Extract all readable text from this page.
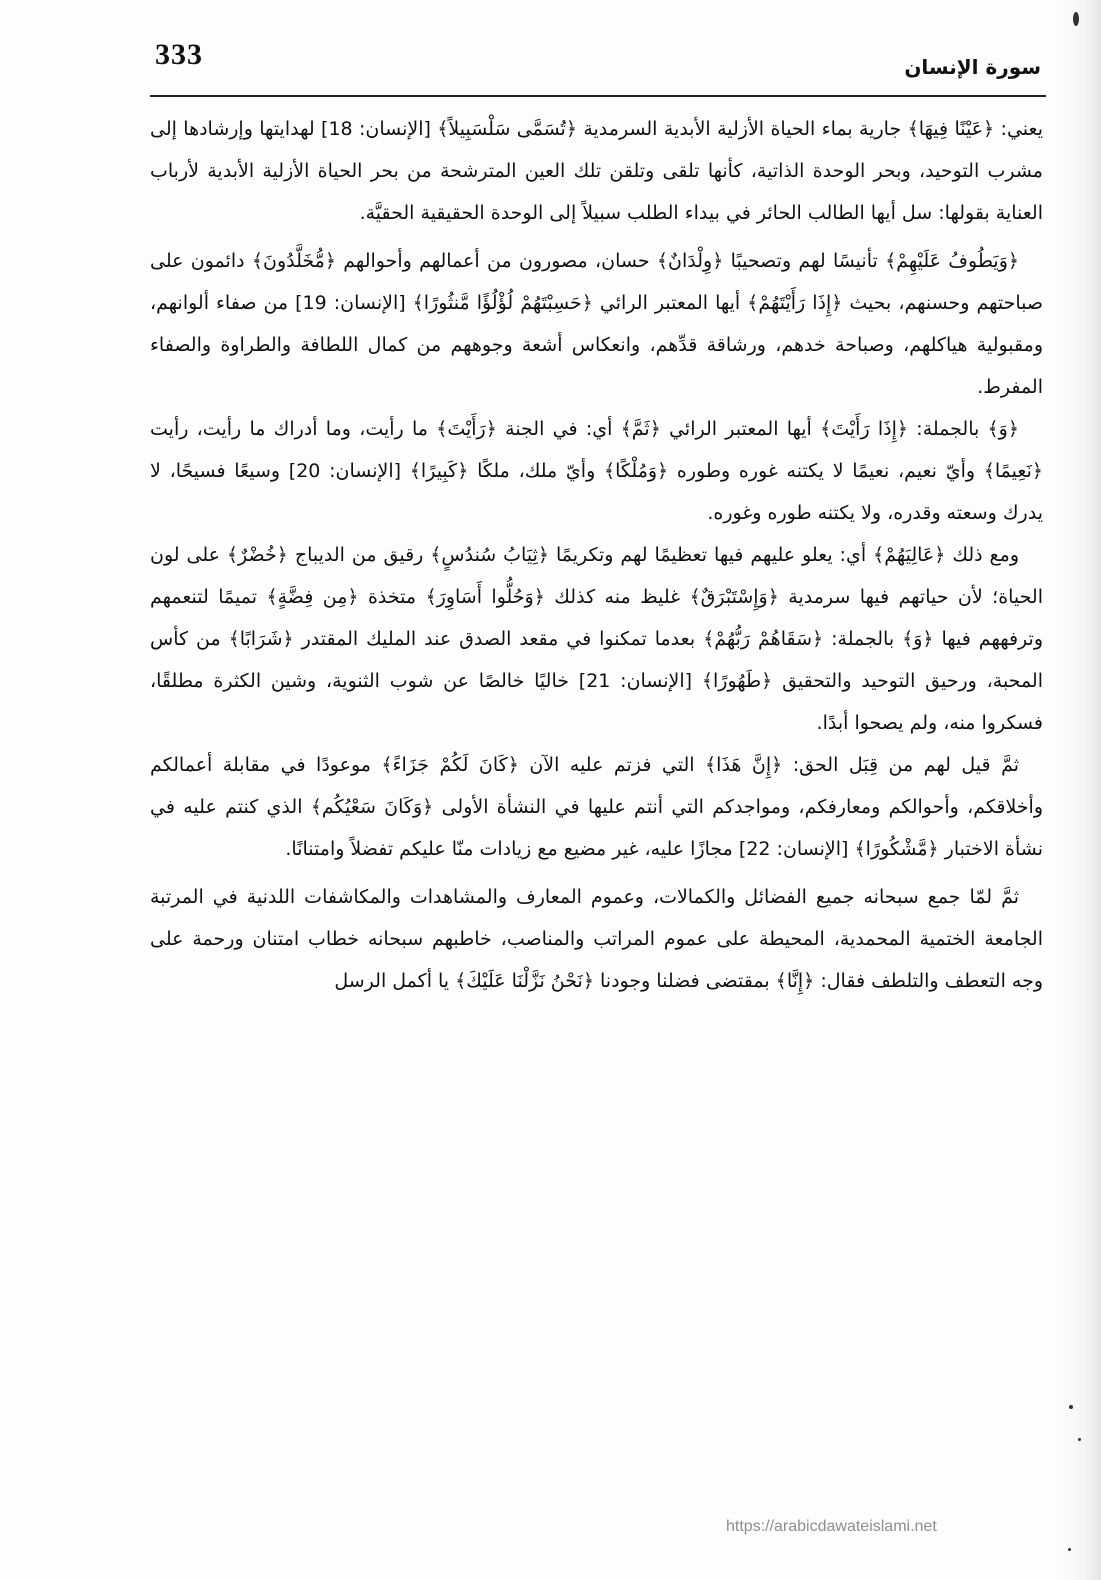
333	سورة الإنسان

يعني: ﴿عَيْنًا فِيهَا﴾ جارية بماء الحياة الأزلية الأبدية السرمدية ﴿تُسَمَّى سَلْسَبِيلاً﴾ [الإنسان: 18] لهدايتها وإرشادها إلى مشرب التوحيد، وبحر الوحدة الذاتية، كأنها تلقى وتلقن تلك العين المترشحة من بحر الحياة الأزلية الأبدية لأرباب العناية بقولها: سل أيها الطالب الحائر في بيداء الطلب سبيلاً إلى الوحدة الحقيقية الحقيَّة.

﴿وَيَطُوفُ عَلَيْهِمْ﴾ تأنيسًا لهم وتصحيبًا ﴿وِلْدَانٌ﴾ حسان، مصورون من أعمالهم وأحوالهم ﴿مُّخَلَّدُونَ﴾ دائمون على صباحتهم وحسنهم، بحيث ﴿إِذَا رَأَيْتَهُمْ﴾ أيها المعتبر الرائي ﴿حَسِبْتَهُمْ لُؤْلُؤًا مَّنثُورًا﴾ [الإنسان: 19] من صفاء ألوانهم، ومقبولية هياكلهم، وصباحة خدهم، ورشاقة قدِّهم، وانعكاس أشعة وجوههم من كمال اللطافة والطراوة والصفاء المفرط.

﴿وَ﴾ بالجملة: ﴿إِذَا رَأَيْتَ﴾ أيها المعتبر الرائي ﴿ثَمَّ﴾ أي: في الجنة ﴿رَأَيْتَ﴾ ما رأيت، وما أدراك ما رأيت، رأيت ﴿نَعِيمًا﴾ وأيّ نعيم، نعيمًا لا يكتنه غوره وطوره ﴿وَمُلْكًا﴾ وأيّ ملك، ملكًا ﴿كَبِيرًا﴾ [الإنسان: 20] وسيعًا فسيحًا، لا يدرك وسعته وقدره، ولا يكتنه طوره وغوره.

ومع ذلك ﴿عَالِيَهُمْ﴾ أي: يعلو عليهم فيها تعظيمًا لهم وتكريمًا ﴿ثِيَابُ سُندُسٍ﴾ رقيق من الديباج ﴿خُضْرٌ﴾ على لون الحياة؛ لأن حياتهم فيها سرمدية ﴿وَإِسْتَبْرَقٌ﴾ غليظ منه كذلك ﴿وَحُلُّوا أَسَاوِرَ﴾ متخذة ﴿مِن فِضَّةٍ﴾ تميمًا لتنعمهم وترفههم فيها ﴿وَ﴾ بالجملة: ﴿سَقَاهُمْ رَبُّهُمْ﴾ بعدما تمكنوا في مقعد الصدق عند المليك المقتدر ﴿شَرَابًا﴾ من كأس المحبة، ورحيق التوحيد والتحقيق ﴿طَهُورًا﴾ [الإنسان: 21] خاليًا خالصًا عن شوب الثنوية، وشين الكثرة مطلقًا، فسكروا منه، ولم يصحوا أبدًا.

ثمَّ قيل لهم من قِبَل الحق: ﴿إِنَّ هَذَا﴾ التي فزتم عليه الآن ﴿كَانَ لَكُمْ جَزَاءً﴾ موعودًا في مقابلة أعمالكم وأخلاقكم، وأحوالكم ومعارفكم، ومواجدكم التي أنتم عليها في النشأة الأولى ﴿وَكَانَ سَعْيُكُم﴾ الذي كنتم عليه في نشأة الاختبار ﴿مَّشْكُورًا﴾ [الإنسان: 22] مجازًا عليه، غير مضيع مع زيادات منّا عليكم تفضلاً وامتنانًا.

ثمَّ لمّا جمع سبحانه جميع الفضائل والكمالات، وعموم المعارف والمشاهدات والمكاشفات اللدنية في المرتبة الجامعة الختمية المحمدية، المحيطة على عموم المراتب والمناصب، خاطبهم سبحانه خطاب امتنان ورحمة على وجه التعطف والتلطف فقال: ﴿إِنَّا﴾ بمقتضى فضلنا وجودنا ﴿نَحْنُ نَزَّلْنَا عَلَيْكَ﴾ يا أكمل الرسل

https://arabicdawateislami.net
